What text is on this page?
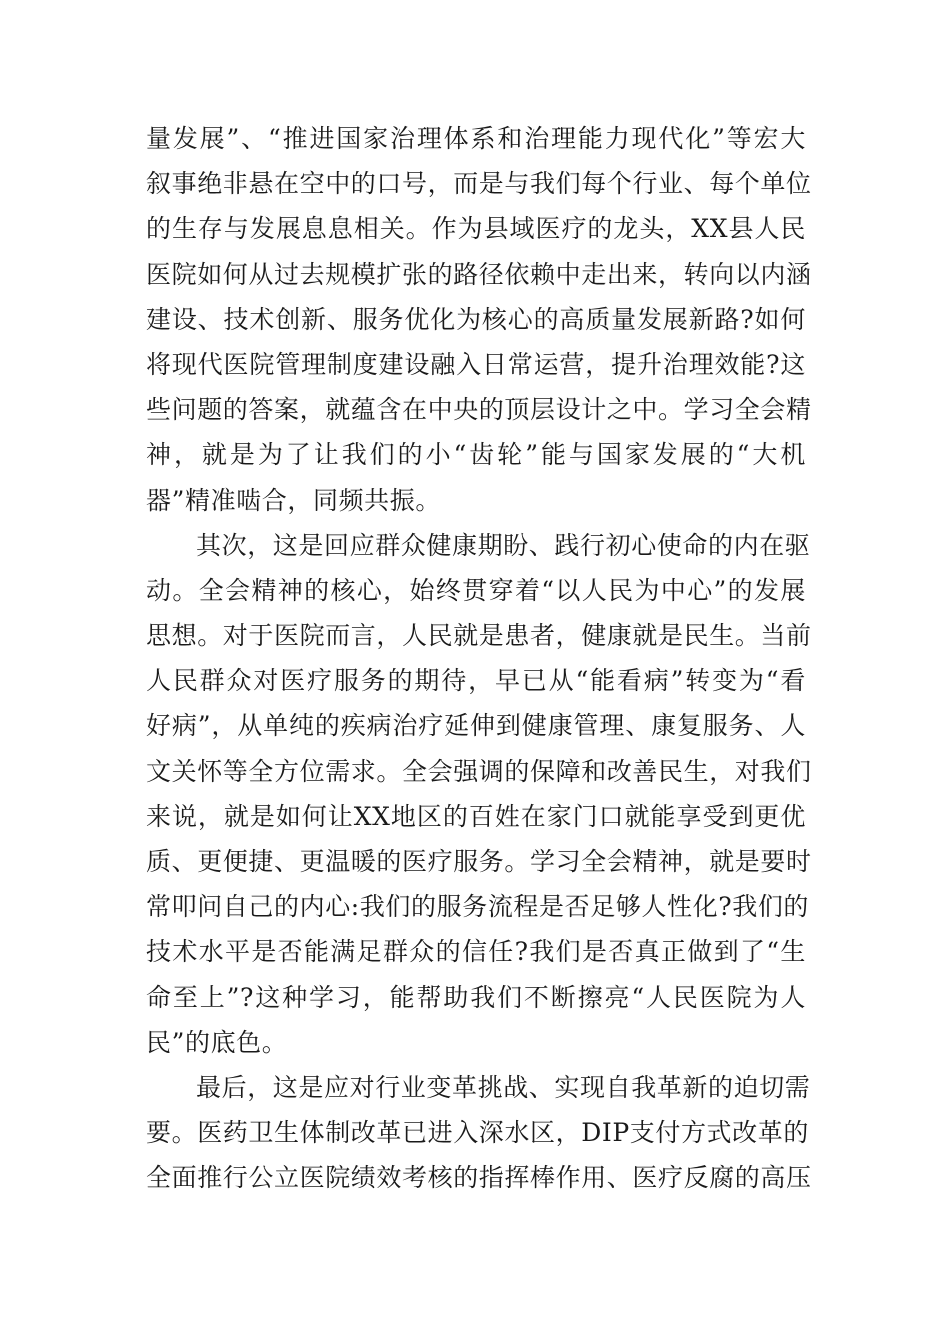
量发展”、“推进国家治理体系和治理能力现代化”等宏大
叙事绝非悬在空中的口号，而是与我们每个行业、每个单位
的生存与发展息息相关。作为县域医疗的龙头，XX县人民
医院如何从过去规模扩张的路径依赖中走出来，转向以内涵
建设、技术创新、服务优化为核心的高质量发展新路?如何
将现代医院管理制度建设融入日常运营，提升治理效能?这
些问题的答案，就蕴含在中央的顶层设计之中。学习全会精
神，就是为了让我们的小“齿轮”能与国家发展的“大机
器”精准啮合，同频共振。
其次，这是回应群众健康期盼、践行初心使命的内在驱
动。全会精神的核心，始终贯穿着“以人民为中心”的发展
思想。对于医院而言，人民就是患者，健康就是民生。当前
人民群众对医疗服务的期待，早已从“能看病”转变为“看
好病”，从单纯的疾病治疗延伸到健康管理、康复服务、人
文关怀等全方位需求。全会强调的保障和改善民生，对我们
来说，就是如何让XX地区的百姓在家门口就能享受到更优
质、更便捷、更温暖的医疗服务。学习全会精神，就是要时
常叩问自己的内心:我们的服务流程是否足够人性化?我们的
技术水平是否能满足群众的信任?我们是否真正做到了“生
命至上”?这种学习，能帮助我们不断擦亮“人民医院为人
民”的底色。
最后，这是应对行业变革挑战、实现自我革新的迫切需
要。医药卫生体制改革已进入深水区，DIP支付方式改革的
全面推行公立医院绩效考核的指挥棒作用、医疗反腐的高压
